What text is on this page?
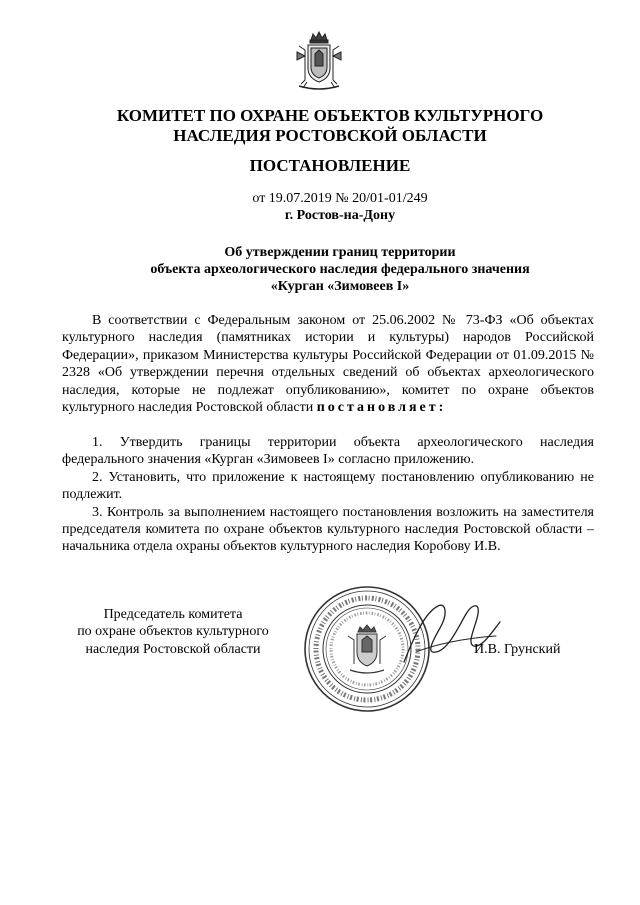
КОМИТЕТ ПО ОХРАНЕ ОБЪЕКТОВ КУЛЬТУРНОГО
НАСЛЕДИЯ РОСТОВСКОЙ ОБЛАСТИ
ПОСТАНОВЛЕНИЕ

от 19.07.2019 № 20/01-01/249

г. Ростов-на-Дону

Об утверждении границ территории
объекта археологического наследия федерального значения
«Курган «Зимовеев I»

В соответствии с Федеральным законом от 25.06.2002 № 73-ФЗ «Об объектах культурного наследия (памятниках истории и культуры) народов Российской Федерации», приказом Министерства культуры Российской Федерации от 01.09.2015 № 2328 «Об утверждении перечня отдельных сведений об объектах археологического наследия, которые не подлежат опубликованию», комитет по охране объектов культурного наследия Ростовской области постановляет:

1. Утвердить границы территории объекта археологического наследия федерального значения «Курган «Зимовеев I» согласно приложению.

2. Установить, что приложение к настоящему постановлению опубликованию не подлежит.

3. Контроль за выполнением настоящего постановления возложить на заместителя председателя комитета по охране объектов культурного наследия Ростовской области – начальника отдела охраны объектов культурного наследия Коробову И.В.

Председатель комитета
по охране объектов культурного
наследия Ростовской области	И.В. Грунский
